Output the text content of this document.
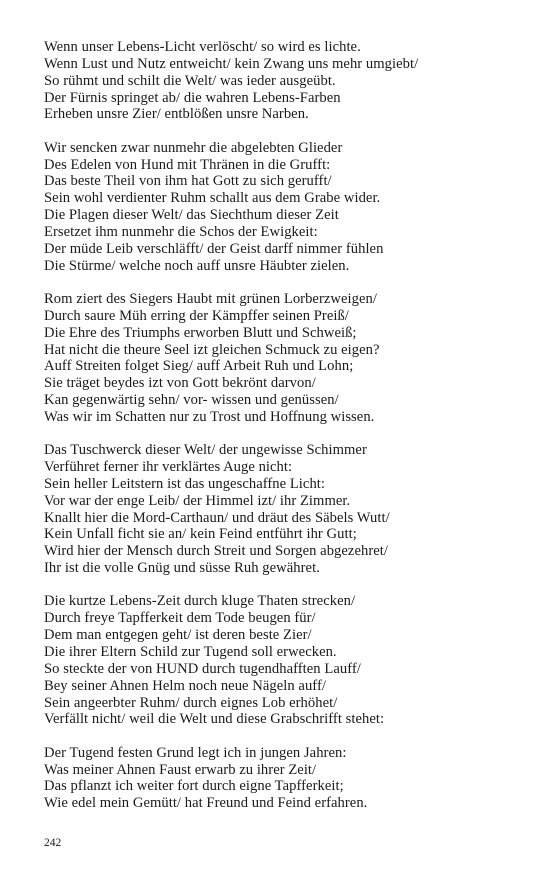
Wenn unser Lebens-Licht verlöscht/ so wird es lichte.
Wenn Lust und Nutz entweicht/ kein Zwang uns mehr umgiebt/
So rühmt und schilt die Welt/ was ieder ausgeübt.
Der Fürnis springet ab/ die wahren Lebens-Farben
Erheben unsre Zier/ entblößen unsre Narben.
Wir sencken zwar nunmehr die abgelebten Glieder
Des Edelen von Hund mit Thränen in die Grufft:
Das beste Theil von ihm hat Gott zu sich gerufft/
Sein wohl verdienter Ruhm schallt aus dem Grabe wider.
Die Plagen dieser Welt/ das Siechthum dieser Zeit
Ersetzet ihm nunmehr die Schos der Ewigkeit:
Der müde Leib verschläfft/ der Geist darff nimmer fühlen
Die Stürme/ welche noch auff unsre Häubter zielen.
Rom ziert des Siegers Haubt mit grünen Lorberzweigen/
Durch saure Müh erring der Kämpffer seinen Preiß/
Die Ehre des Triumphs erworben Blutt und Schweiß;
Hat nicht die theure Seel izt gleichen Schmuck zu eigen?
Auff Streiten folget Sieg/ auff Arbeit Ruh und Lohn;
Sie träget beydes izt von Gott bekrönt darvon/
Kan gegenwärtig sehn/ vor- wissen und genüssen/
Was wir im Schatten nur zu Trost und Hoffnung wissen.
Das Tuschwerck dieser Welt/ der ungewisse Schimmer
Verführet ferner ihr verklärtes Auge nicht:
Sein heller Leitstern ist das ungeschaffne Licht:
Vor war der enge Leib/ der Himmel izt/ ihr Zimmer.
Knallt hier die Mord-Carthaun/ und dräut des Säbels Wutt/
Kein Unfall ficht sie an/ kein Feind entführt ihr Gutt;
Wird hier der Mensch durch Streit und Sorgen abgezehret/
Ihr ist die volle Gnüg und süsse Ruh gewähret.
Die kurtze Lebens-Zeit durch kluge Thaten strecken/
Durch freye Tapfferkeit dem Tode beugen für/
Dem man entgegen geht/ ist deren beste Zier/
Die ihrer Eltern Schild zur Tugend soll erwecken.
So steckte der von HUND durch tugendhafften Lauff/
Bey seiner Ahnen Helm noch neue Nägeln auff/
Sein angeerbter Ruhm/ durch eignes Lob erhöhet/
Verfällt nicht/ weil die Welt und diese Grabschrifft stehet:
Der Tugend festen Grund legt ich in jungen Jahren:
Was meiner Ahnen Faust erwarb zu ihrer Zeit/
Das pflanzt ich weiter fort durch eigne Tapfferkeit;
Wie edel mein Gemütt/ hat Freund und Feind erfahren.
242
